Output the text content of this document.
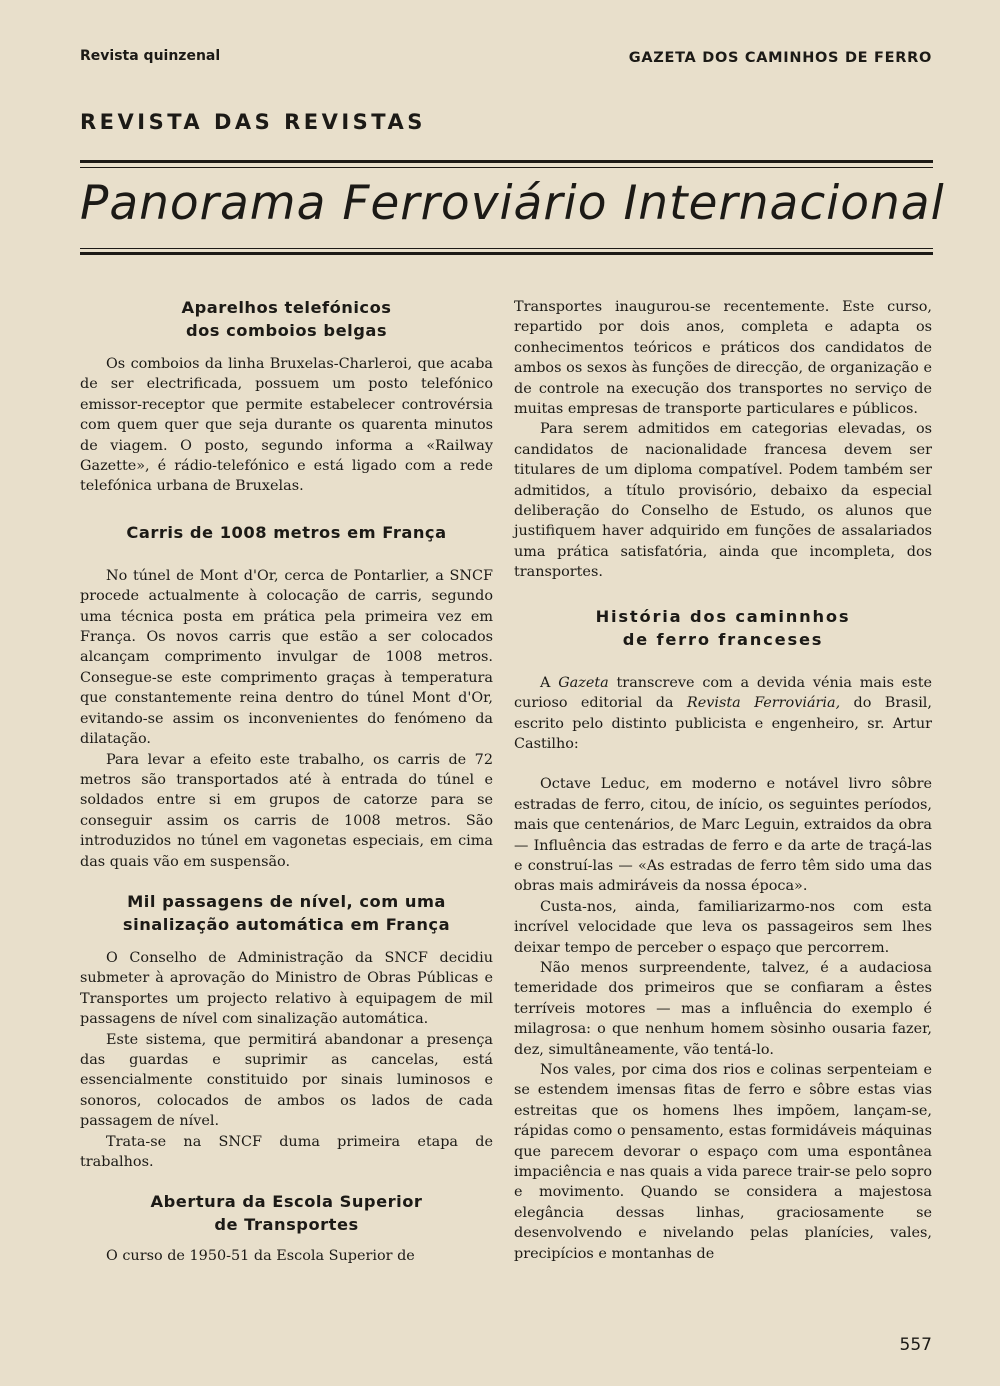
Revista quinzenal	GAZETA DOS CAMINHOS DE FERRO
REVISTA DAS REVISTAS
Panorama Ferroviário Internacional
Aparelhos telefónicos
dos comboios belgas

Os comboios da linha Bruxelas-Charleroi, que acaba de ser electrificada, possuem um posto telefónico emissor-receptor que permite estabelecer controvérsia com quem quer que seja durante os quarenta minutos de viagem. O posto, segundo informa a «Railway Gazette», é rádio-telefónico e está ligado com a rede telefónica urbana de Bruxelas.

Carris de 1008 metros em França

No túnel de Mont d'Or, cerca de Pontarlier, a SNCF procede actualmente à colocação de carris, segundo uma técnica posta em prática pela primeira vez em França. Os novos carris que estão a ser colocados alcançam comprimento invulgar de 1008 metros. Consegue-se este comprimento graças à temperatura que constantemente reina dentro do túnel Mont d'Or, evitando-se assim os inconvenientes do fenómeno da dilatação.

Para levar a efeito este trabalho, os carris de 72 metros são transportados até à entrada do túnel e soldados entre si em grupos de catorze para se conseguir assim os carris de 1008 metros. São introduzidos no túnel em vagonetas especiais, em cima das quais vão em suspensão.

Mil passagens de nível, com uma
sinalização automática em França

O Conselho de Administração da SNCF decidiu submeter à aprovação do Ministro de Obras Públicas e Transportes um projecto relativo à equipagem de mil passagens de nível com sinalização automática.

Este sistema, que permitirá abandonar a presença das guardas e suprimir as cancelas, está essencialmente constituido por sinais luminosos e sonoros, colocados de ambos os lados de cada passagem de nível.

Trata-se na SNCF duma primeira etapa de trabalhos.

Abertura da Escola Superior
de Transportes

O curso de 1950-51 da Escola Superior de

Transportes inaugurou-se recentemente. Este curso, repartido por dois anos, completa e adapta os conhecimentos teóricos e práticos dos candidatos de ambos os sexos às funções de direcção, de organização e de controle na execução dos transportes no serviço de muitas empresas de transporte particulares e públicos.

Para serem admitidos em categorias elevadas, os candidatos de nacionalidade francesa devem ser titulares de um diploma compatível. Podem também ser admitidos, a título provisório, debaixo da especial deliberação do Conselho de Estudo, os alunos que justifiquem haver adquirido em funções de assalariados uma prática satisfatória, ainda que incompleta, dos transportes.

História dos caminnhos
de ferro franceses

A Gazeta transcreve com a devida vénia mais este curioso editorial da Revista Ferroviária, do Brasil, escrito pelo distinto publicista e engenheiro, sr. Artur Castilho:

Octave Leduc, em moderno e notável livro sôbre estradas de ferro, citou, de início, os seguintes períodos, mais que centenários, de Marc Leguin, extraidos da obra — Influência das estradas de ferro e da arte de traçá-las e construí-las — «As estradas de ferro têm sido uma das obras mais admiráveis da nossa época».

Custa-nos, ainda, familiarizarmo-nos com esta incrível velocidade que leva os passageiros sem lhes deixar tempo de perceber o espaço que percorrem.

Não menos surpreendente, talvez, é a audaciosa temeridade dos primeiros que se confiaram a êstes terríveis motores — mas a influência do exemplo é milagrosa: o que nenhum homem sòsinho ousaria fazer, dez, simultâneamente, vão tentá-lo.

Nos vales, por cima dos rios e colinas serpenteiam e se estendem imensas fitas de ferro e sôbre estas vias estreitas que os homens lhes impõem, lançam-se, rápidas como o pensamento, estas formidáveis máquinas que parecem devorar o espaço com uma espontânea impaciência e nas quais a vida parece trair-se pelo sopro e movimento. Quando se considera a majestosa elegância dessas linhas, graciosamente se desenvolvendo e nivelando pelas planícies, vales, precipícios e montanhas de

557
